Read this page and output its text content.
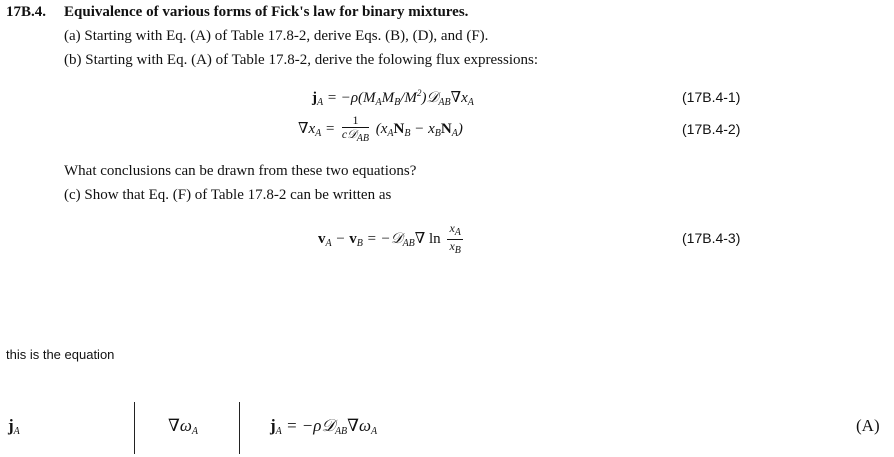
17B.4. Equivalence of various forms of Fick's law for binary mixtures.
(a) Starting with Eq. (A) of Table 17.8-2, derive Eqs. (B), (D), and (F).
(b) Starting with Eq. (A) of Table 17.8-2, derive the folowing flux expressions:
$j_A$ = $-\rho(M_AM_B/M^2)𝒟_{AB}\nabla x_A$	(17B.4-1)
$\nabla x_A = \frac{1}{c𝒟_{AB}} (x_AN_B - x_BN_A)$	(17B.4-2)
What conclusions can be drawn from these two equations?
(c) Show that Eq. (F) of Table 17.8-2 can be written as
$v_A - v_B$ = −𝒟$_{AB}$∇ $\ln \frac{x_A}{x_B}$	(17B.4-3)
this is the equation
$j_A$	$\nabla\omega_A$	$j_A$ = $-\rho 𝒟_{AB}\nabla\omega_A$	(A)
